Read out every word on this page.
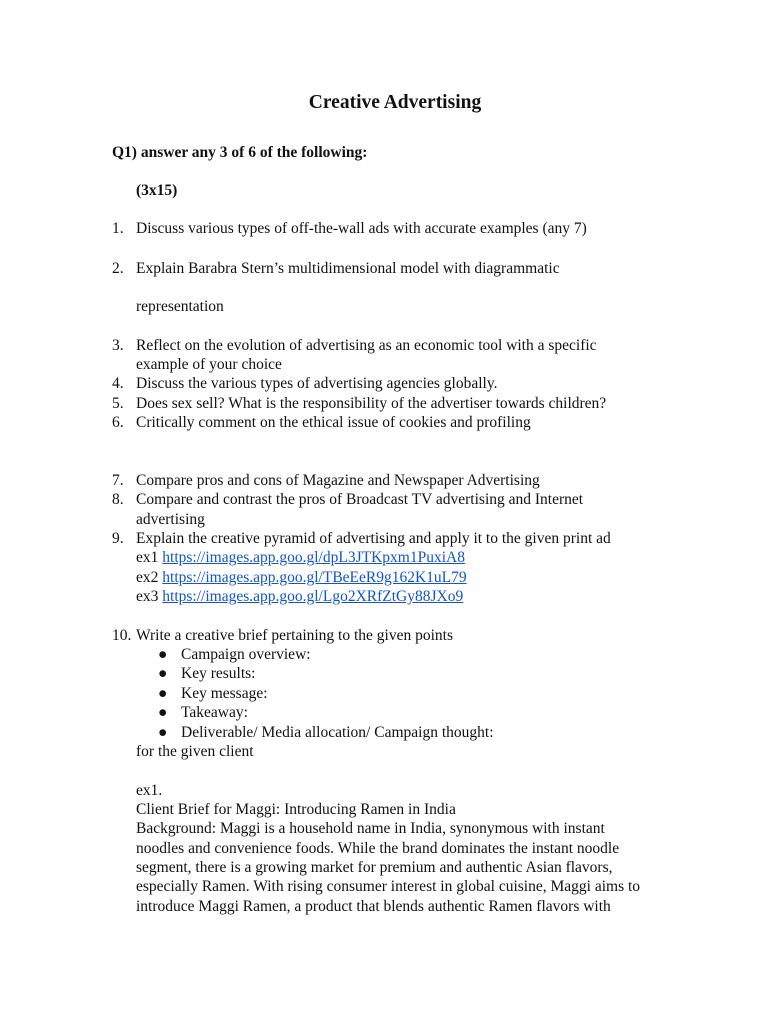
Creative Advertising
Q1) answer any 3 of 6 of the following:
(3x15)
1. Discuss various types of off-the-wall ads with accurate examples (any 7)
2. Explain Barabra Stern’s multidimensional model with diagrammatic
representation
3. Reflect on the evolution of advertising as an economic tool with a specific
example of your choice
4. Discuss the various types of advertising agencies globally.
5. Does sex sell? What is the responsibility of the advertiser towards children?
6. Critically comment on the ethical issue of cookies and profiling
7. Compare pros and cons of Magazine and Newspaper Advertising
8. Compare and contrast the pros of Broadcast TV advertising and Internet
advertising
9. Explain the creative pyramid of advertising and apply it to the given print ad
ex1 https://images.app.goo.gl/dpL3JTKpxm1PuxiA8
ex2 https://images.app.goo.gl/TBeEeR9g162K1uL79
ex3 https://images.app.goo.gl/Lgo2XRfZtGy88JXo9
10. Write a creative brief pertaining to the given points
● Campaign overview:
● Key results:
● Key message:
● Takeaway:
● Deliverable/ Media allocation/ Campaign thought:
for the given client
ex1.
Client Brief for Maggi: Introducing Ramen in India
Background: Maggi is a household name in India, synonymous with instant
noodles and convenience foods. While the brand dominates the instant noodle
segment, there is a growing market for premium and authentic Asian flavors,
especially Ramen. With rising consumer interest in global cuisine, Maggi aims to
introduce Maggi Ramen, a product that blends authentic Ramen flavors with
